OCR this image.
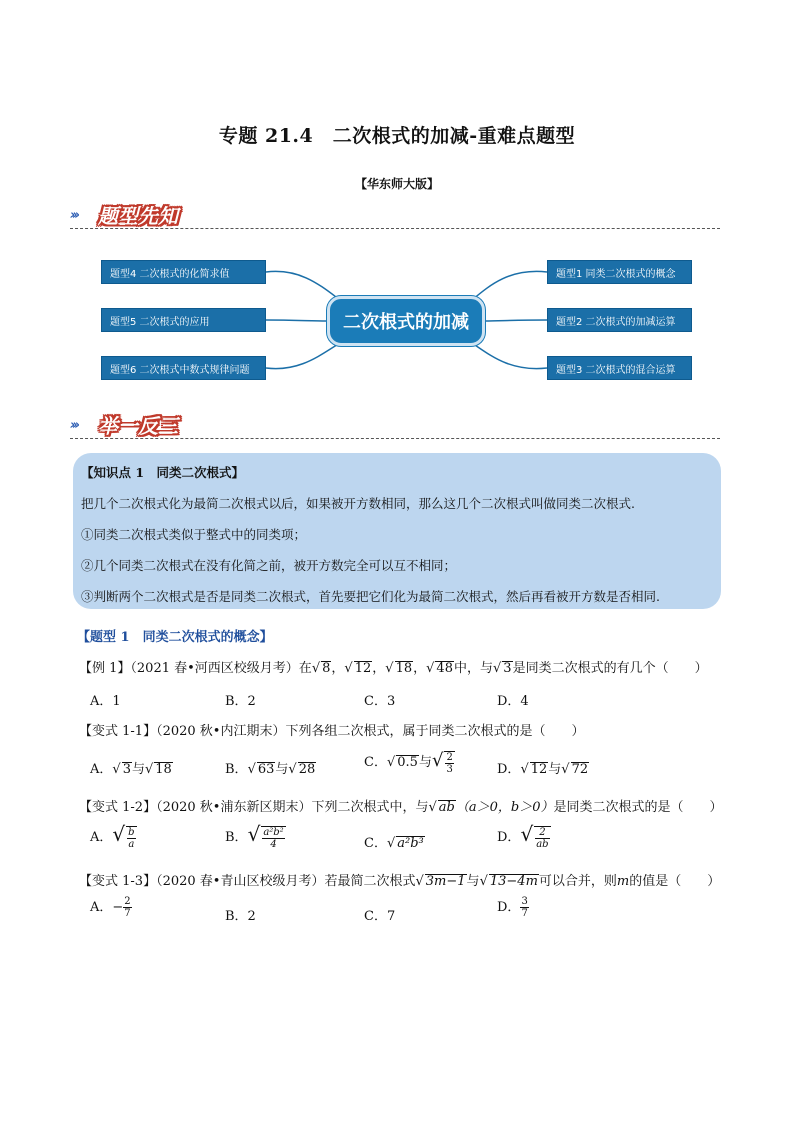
专题 21.4　二次根式的加减-重难点题型
【华东师大版】
››› 题型先知
题型4 二次根式的化简求值
题型5 二次根式的应用
题型6 二次根式中数式规律问题
二次根式的加减
题型1 同类二次根式的概念
题型2 二次根式的加减运算
题型3 二次根式的混合运算
››› 举一反三
【知识点 1　同类二次根式】
把几个二次根式化为最简二次根式以后，如果被开方数相同，那么这几个二次根式叫做同类二次根式.
①同类二次根式类似于整式中的同类项；
②几个同类二次根式在没有化简之前，被开方数完全可以互不相同；
③判断两个二次根式是否是同类二次根式，首先要把它们化为最简二次根式，然后再看被开方数是否相同.
【题型 1　同类二次根式的概念】
【例 1】（2021 春•河西区校级月考）在√ 8，√ 12，√ 18，√ 48中，与√ 3是同类二次根式的有几个（　　）
A．1	B．2	C．3	D．4
【变式 1-1】（2020 秋•内江期末）下列各组二次根式，属于同类二次根式的是（　　）
A．√ 3与√ 18	B．√ 63与√ 28	C．√ 0.5与√ $\frac{2}{3}$	D．√ 12与√ 72
【变式 1-2】（2020 秋•浦东新区期末）下列二次根式中，与√ ab（a＞0，b＞0）是同类二次根式的是（　　）
A．√ $\frac{b}{a}$	B．√ $\frac{\text{a²b²}}{4}$	C．√ a²b³	D．√ $\frac{2}{ab}$
【变式 1-3】（2020 春•青山区校级月考）若最简二次根式√ 3m−1与√ 13−4m可以合并，则m的值是（　　）
A．− $\frac{2}{7}$	B．2	C．7
D． $\frac{3}{7}$
